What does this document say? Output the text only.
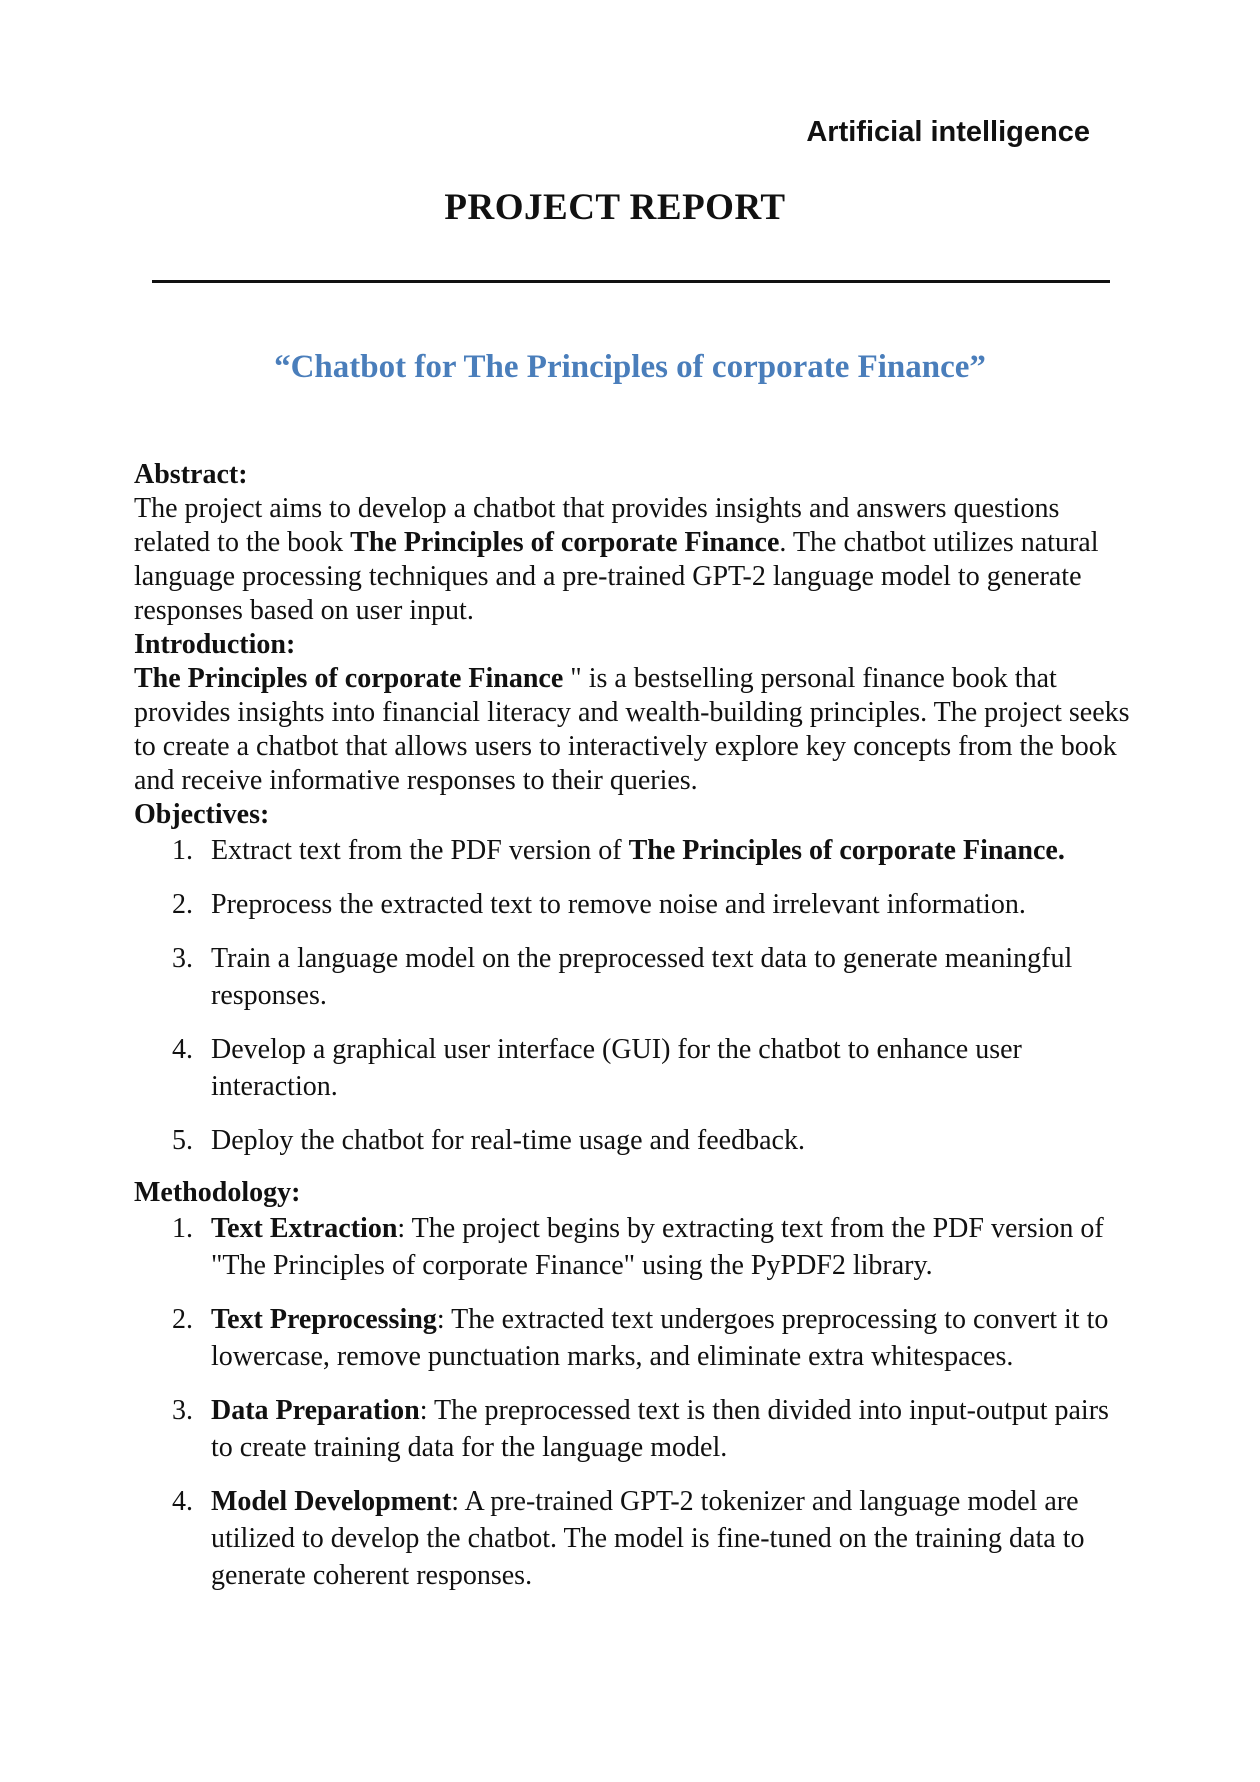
Artificial intelligence

PROJECT REPORT
“Chatbot for The Principles of corporate Finance”
Abstract:

The project aims to develop a chatbot that provides insights and answers questions related to the book The Principles of corporate Finance. The chatbot utilizes natural language processing techniques and a pre-trained GPT-2 language model to generate responses based on user input.

Introduction:

The Principles of corporate Finance " is a bestselling personal finance book that provides insights into financial literacy and wealth-building principles. The project seeks to create a chatbot that allows users to interactively explore key concepts from the book and receive informative responses to their queries.

Objectives:
1. Extract text from the PDF version of The Principles of corporate Finance.
2. Preprocess the extracted text to remove noise and irrelevant information.
3. Train a language model on the preprocessed text data to generate meaningful responses.
4. Develop a graphical user interface (GUI) for the chatbot to enhance user interaction.
5. Deploy the chatbot for real-time usage and feedback.
Methodology:
1. Text Extraction: The project begins by extracting text from the PDF version of "The Principles of corporate Finance" using the PyPDF2 library.
2. Text Preprocessing: The extracted text undergoes preprocessing to convert it to lowercase, remove punctuation marks, and eliminate extra whitespaces.
3. Data Preparation: The preprocessed text is then divided into input-output pairs to create training data for the language model.
4. Model Development: A pre-trained GPT-2 tokenizer and language model are utilized to develop the chatbot. The model is fine-tuned on the training data to generate coherent responses.
